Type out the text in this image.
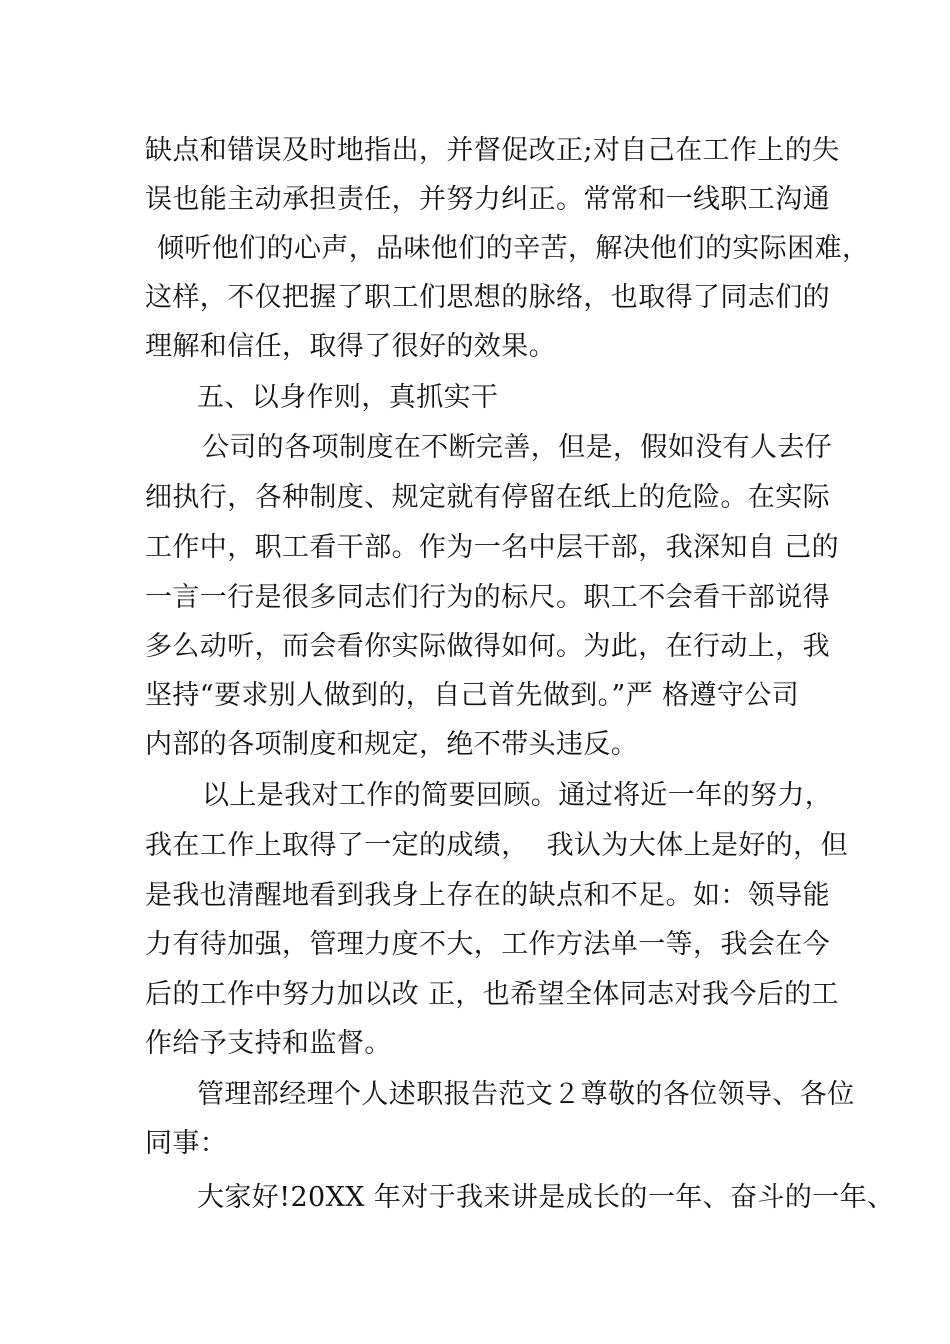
缺点和错误及时地指出，并督促改正;对自己在工作上的失
误也能主动承担责任，并努力纠正。常常和一线职工沟通
倾听他们的心声，品味他们的辛苦，解决他们的实际困难，
这样，不仅把握了职工们思想的脉络，也取得了同志们的
理解和信任，取得了很好的效果。
五、以身作则，真抓实干
公司的各项制度在不断完善，但是，假如没有人去仔
细执行，各种制度、规定就有停留在纸上的危险。在实际
工作中，职工看干部。作为一名中层干部，我深知自 己的
一言一行是很多同志们行为的标尺。职工不会看干部说得
多么动听，而会看你实际做得如何。为此，在行动上，我
坚持“要求别人做到的，自己首先做到。”严 格遵守公司
内部的各项制度和规定，绝不带头违反。
以上是我对工作的简要回顾。通过将近一年的努力，
我在工作上取得了一定的成绩，  我认为大体上是好的，但
是我也清醒地看到我身上存在的缺点和不足。如：领导能
力有待加强，管理力度不大，工作方法单一等，我会在今
后的工作中努力加以改 正，也希望全体同志对我今后的工
作给予支持和监督。
管理部经理个人述职报告范文２尊敬的各位领导、各位
同事：
大家好!20XX 年对于我来讲是成长的一年、奋斗的一年、
